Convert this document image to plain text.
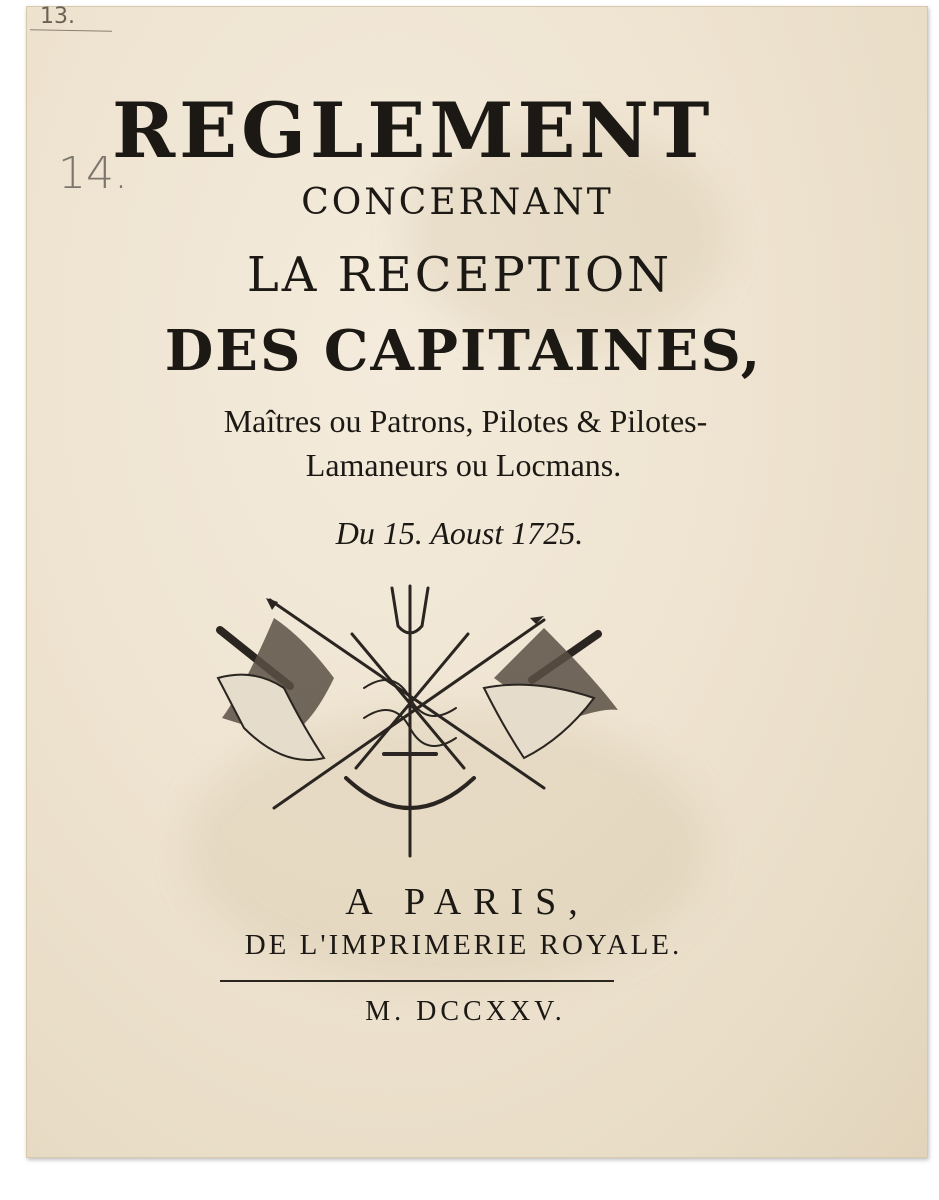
13.
14.
REGLEMENT
CONCERNANT
LA RECEPTION
DES CAPITAINES,
Maîtres ou Patrons, Pilotes & Pilotes-
Lamaneurs ou Locmans.
Du 15. Aoust 1725.
A PARIS,
DE L'IMPRIMERIE ROYALE.
M. DCCXXV.
